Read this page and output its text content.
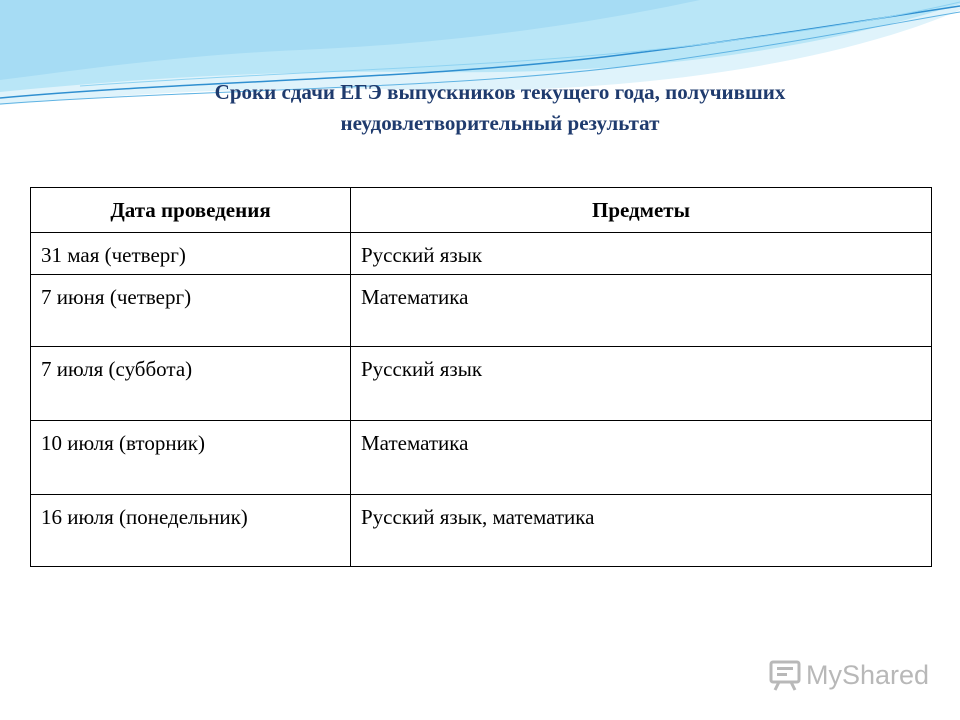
Сроки сдачи ЕГЭ выпускников текущего года, получивших
неудовлетворительный результат
Дата проведения	Предметы
31 мая (четверг)	Русский язык
7 июня (четверг)	Математика
7 июля (суббота)	Русский язык
10 июля (вторник)	Математика
16 июля (понедельник)	Русский язык, математика
My Shared
